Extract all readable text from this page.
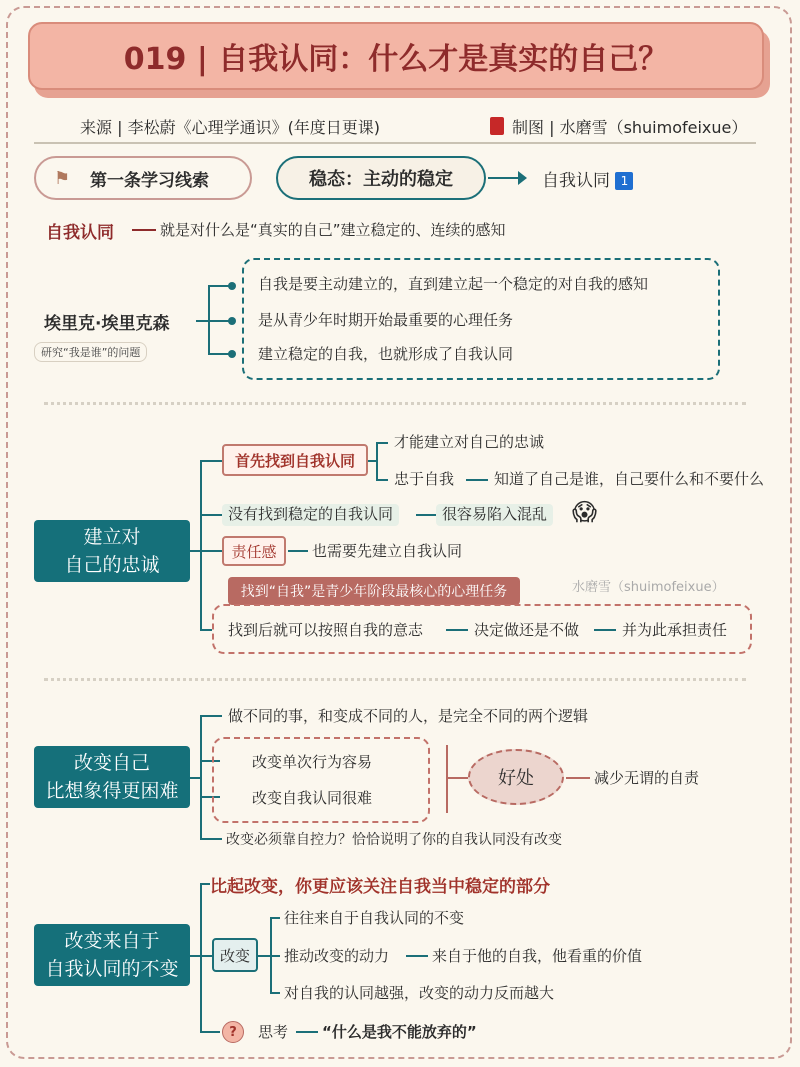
019 | 自我认同：什么才是真实的自己？
来源 | 李松蔚《心理学通识》(年度日更课)	制图 | 水磨雪（shuimofeixue）
⚑	第一条学习线索	稳态：主动的稳定	自我认同 1
自我认同	就是对什么是“真实的自己”建立稳定的、连续的感知
埃里克·埃里克森
研究“我是谁”的问题
自我是要主动建立的，直到建立起一个稳定的对自我的感知
是从青少年时期开始最重要的心理任务
建立稳定的自我，也就形成了自我认同
建立对
自己的忠诚
首先找到自我认同
才能建立对自己的忠诚
忠于自我	知道了自己是谁，自己要什么和不要什么
没有找到稳定的自我认同	很容易陷入混乱 😱
责任感	也需要先建立自我认同
找到“自我”是青少年阶段最核心的心理任务	水磨雪（shuimofeixue）
找到后就可以按照自我的意志	决定做还是不做	并为此承担责任
改变自己
比想象得更困难
做不同的事，和变成不同的人，是完全不同的两个逻辑
改变单次行为容易
改变自我认同很难
好处	减少无谓的自责
改变必须靠自控力？恰恰说明了你的自我认同没有改变
比起改变，你更应该关注自我当中稳定的部分
改变来自于
自我认同的不变
改变
往往来自于自我认同的不变
推动改变的动力	来自于他的自我，他看重的价值
对自我的认同越强，改变的动力反而越大
?	思考 “什么是我不能放弃的”
